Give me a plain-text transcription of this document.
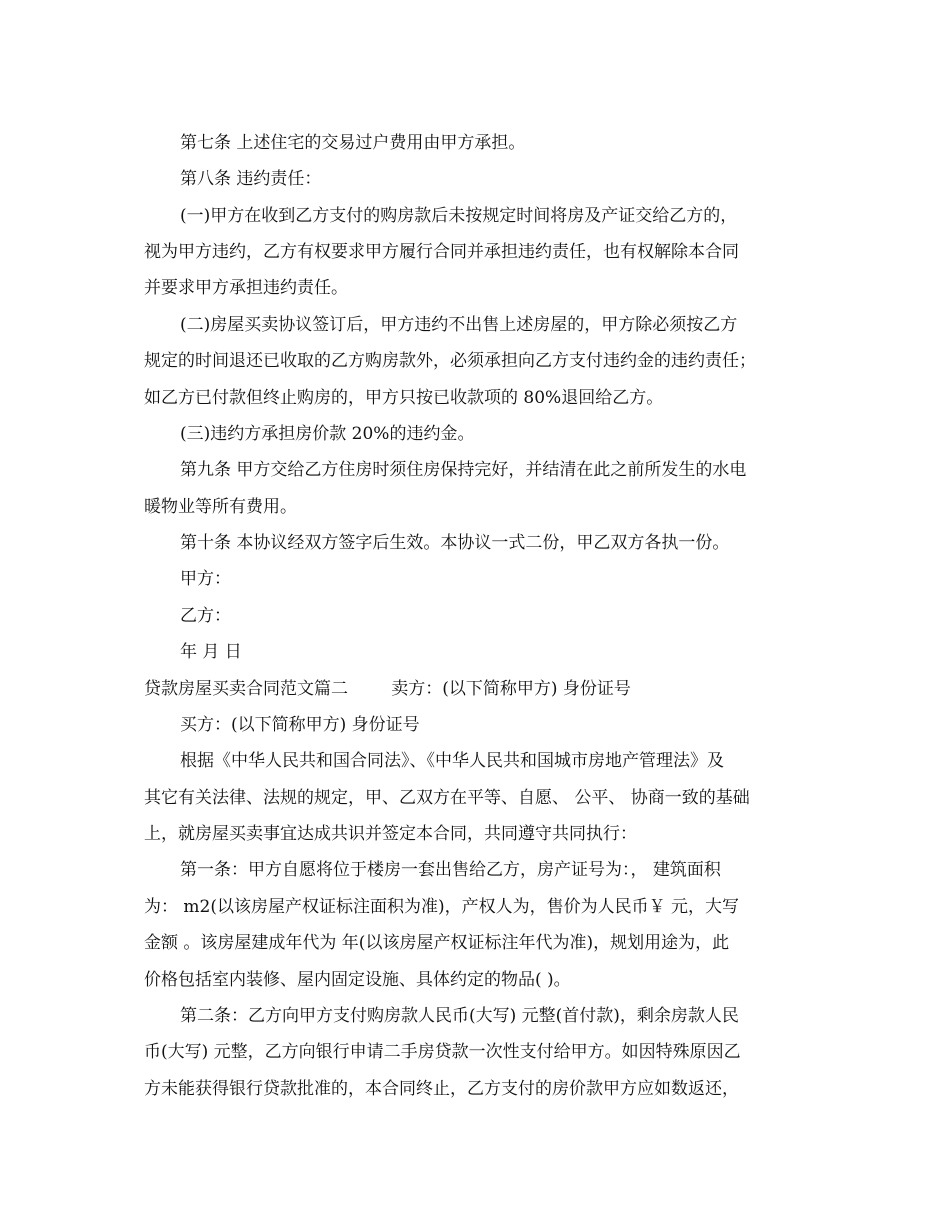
第七条 上述住宅的交易过户费用由甲方承担。
第八条 违约责任：
(一)甲方在收到乙方支付的购房款后未按规定时间将房及产证交给乙方的，
视为甲方违约，乙方有权要求甲方履行合同并承担违约责任，也有权解除本合同
并要求甲方承担违约责任。
(二)房屋买卖协议签订后，甲方违约不出售上述房屋的，甲方除必须按乙方
规定的时间退还已收取的乙方购房款外，必须承担向乙方支付违约金的违约责任；
如乙方已付款但终止购房的，甲方只按已收款项的 80%退回给乙方。
(三)违约方承担房价款 20%的违约金。
第九条 甲方交给乙方住房时须住房保持完好，并结清在此之前所发生的水电
暖物业等所有费用。
第十条 本协议经双方签字后生效。本协议一式二份，甲乙双方各执一份。
甲方：
乙方：
年 月 日
贷款房屋买卖合同范文篇二        卖方：(以下简称甲方) 身份证号
买方：(以下简称甲方) 身份证号
根据《中华人民共和国合同法》、《中华人民共和国城市房地产管理法》及
其它有关法律、法规的规定，甲、乙双方在平等、自愿、 公平、 协商一致的基础
上，就房屋买卖事宜达成共识并签定本合同，共同遵守共同执行：
第一条：甲方自愿将位于楼房一套出售给乙方，房产证号为：， 建筑面积
为： m2(以该房屋产权证标注面积为准)，产权人为，售价为人民币￥ 元，大写
金额 。该房屋建成年代为 年(以该房屋产权证标注年代为准)，规划用途为，此
价格包括室内装修、屋内固定设施、具体约定的物品( )。
第二条：乙方向甲方支付购房款人民币(大写) 元整(首付款)，剩余房款人民
币(大写) 元整，乙方向银行申请二手房贷款一次性支付给甲方。如因特殊原因乙
方未能获得银行贷款批准的，本合同终止，乙方支付的房价款甲方应如数返还，
